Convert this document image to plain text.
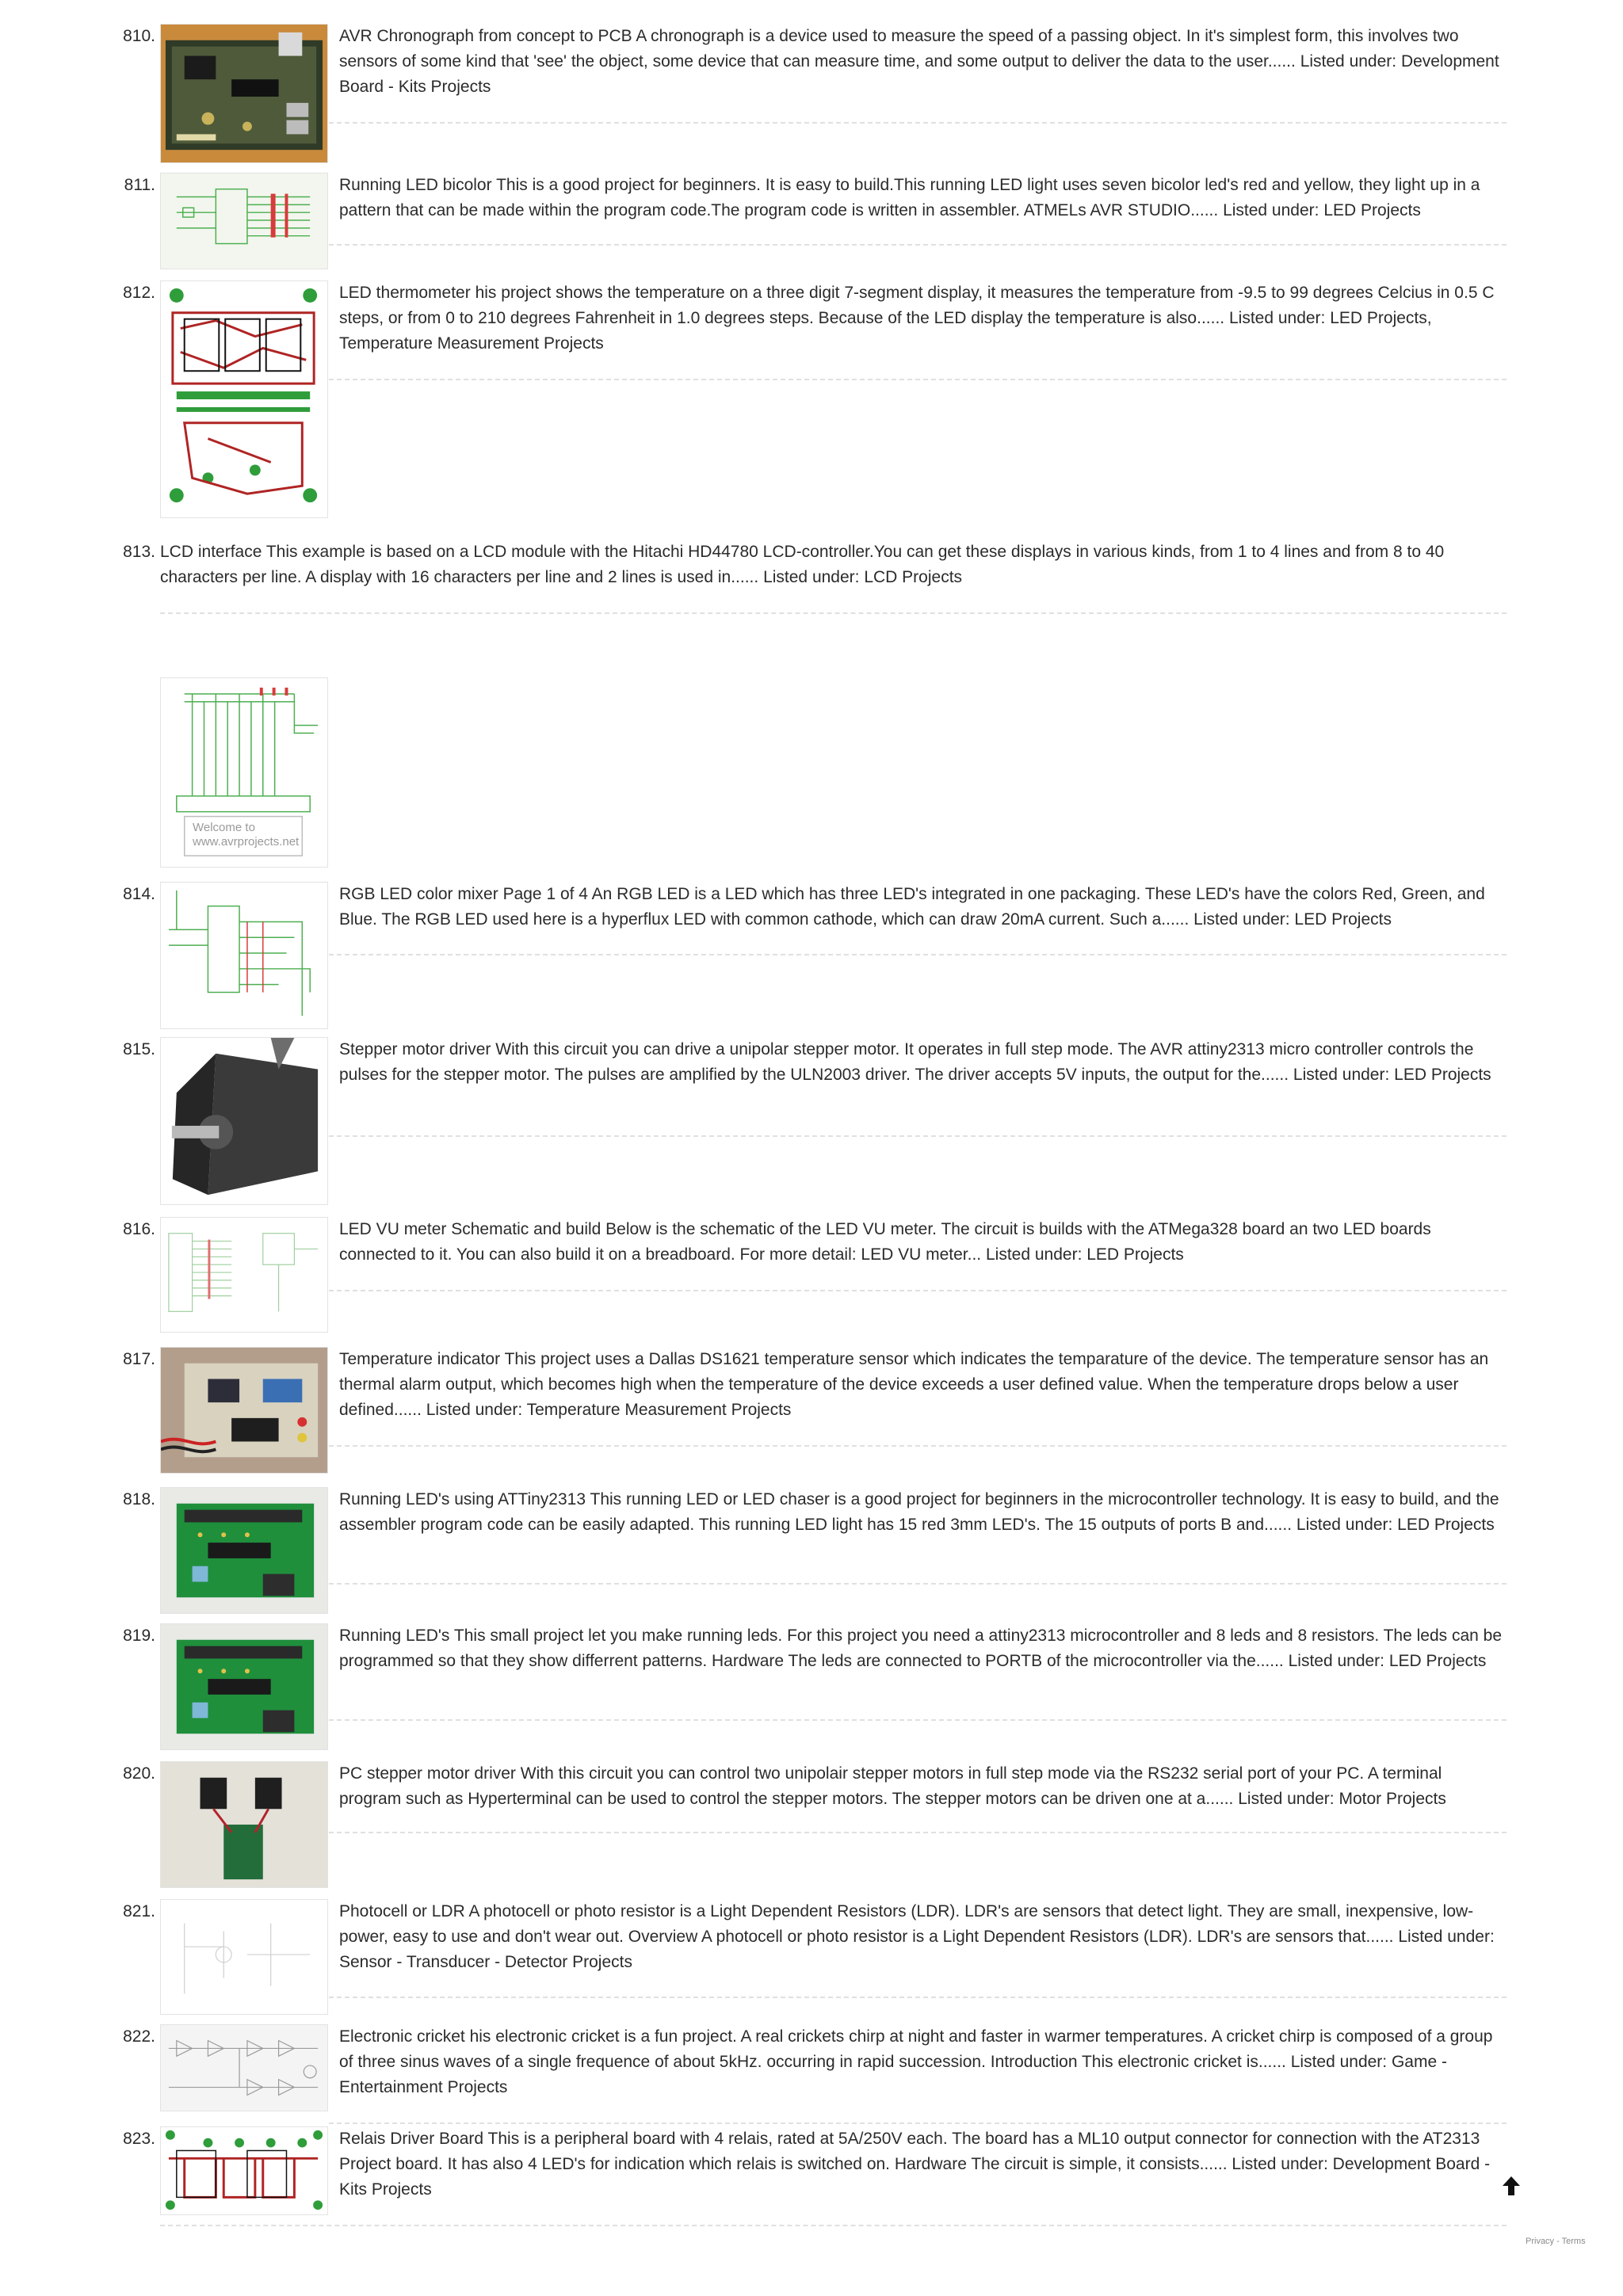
810.	AVR Chronograph from concept to PCB A chronograph is a device used to measure the speed of a passing object. In it's simplest form, this involves two sensors of some kind that 'see' the object, some device that can measure time, and some output to deliver the data to the user...... Listed under: Development Board - Kits Projects
811.	Running LED bicolor This is a good project for beginners. It is easy to build.This running LED light uses seven bicolor led's red and yellow, they light up in a pattern that can be made within the program code.The program code is written in assembler. ATMELs AVR STUDIO...... Listed under: LED Projects
812.	LED thermometer his project shows the temperature on a three digit 7-segment display, it measures the temperature from -9.5 to 99 degrees Celcius in 0.5 C steps, or from 0 to 210 degrees Fahrenheit in 1.0 degrees steps. Because of the LED display the temperature is also...... Listed under: LED Projects, Temperature Measurement Projects
813. LCD interface This example is based on a LCD module with the Hitachi HD44780 LCD-controller.You can get these displays in various kinds, from 1 to 4 lines and from 8 to 40 characters per line. A display with 16 characters per line and 2 lines is used in...... Listed under: LCD Projects
Welcome to www.avrprojects.net
814.	RGB LED color mixer Page 1 of 4 An RGB LED is a LED which has three LED's integrated in one packaging. These LED's have the colors Red, Green, and Blue. The RGB LED used here is a hyperflux LED with common cathode, which can draw 20mA current. Such a...... Listed under: LED Projects
815.	Stepper motor driver With this circuit you can drive a unipolar stepper motor. It operates in full step mode. The AVR attiny2313 micro controller controls the pulses for the stepper motor. The pulses are amplified by the ULN2003 driver. The driver accepts 5V inputs, the output for the...... Listed under: LED Projects
816.	LED VU meter Schematic and build Below is the schematic of the LED VU meter. The circuit is builds with the ATMega328 board an two LED boards connected to it. You can also build it on a breadboard. For more detail: LED VU meter... Listed under: LED Projects
817.	Temperature indicator This project uses a Dallas DS1621 temperature sensor which indicates the temparature of the device. The temperature sensor has an thermal alarm output, which becomes high when the temperature of the device exceeds a user defined value. When the temperature drops below a user defined...... Listed under: Temperature Measurement Projects
818.	Running LED's using ATTiny2313 This running LED or LED chaser is a good project for beginners in the microcontroller technology. It is easy to build, and the assembler program code can be easily adapted. This running LED light has 15 red 3mm LED's. The 15 outputs of ports B and...... Listed under: LED Projects
819.	Running LED's This small project let you make running leds. For this project you need a attiny2313 microcontroller and 8 leds and 8 resistors. The leds can be programmed so that they show differrent patterns. Hardware The leds are connected to PORTB of the microcontroller via the...... Listed under: LED Projects
820.	PC stepper motor driver With this circuit you can control two unipolair stepper motors in full step mode via the RS232 serial port of your PC. A terminal program such as Hyperterminal can be used to control the stepper motors. The stepper motors can be driven one at a...... Listed under: Motor Projects
821.	Photocell or LDR A photocell or photo resistor is a Light Dependent Resistors (LDR). LDR's are sensors that detect light. They are small, inexpensive, low-power, easy to use and don't wear out. Overview A photocell or photo resistor is a Light Dependent Resistors (LDR). LDR's are sensors that...... Listed under: Sensor - Transducer - Detector Projects
822.	Electronic cricket his electronic cricket is a fun project. A real crickets chirp at night and faster in warmer temperatures. A cricket chirp is composed of a group of three sinus waves of a single frequence of about 5kHz. occurring in rapid succession. Introduction This electronic cricket is...... Listed under: Game - Entertainment Projects
823.	Relais Driver Board This is a peripheral board with 4 relais, rated at 5A/250V each. The board has a ML10 output connector for connection with the AT2313 Project board. It has also 4 LED's for indication which relais is switched on. Hardware The circuit is simple, it consists...... Listed under: Development Board - Kits Projects
Privacy - Terms
